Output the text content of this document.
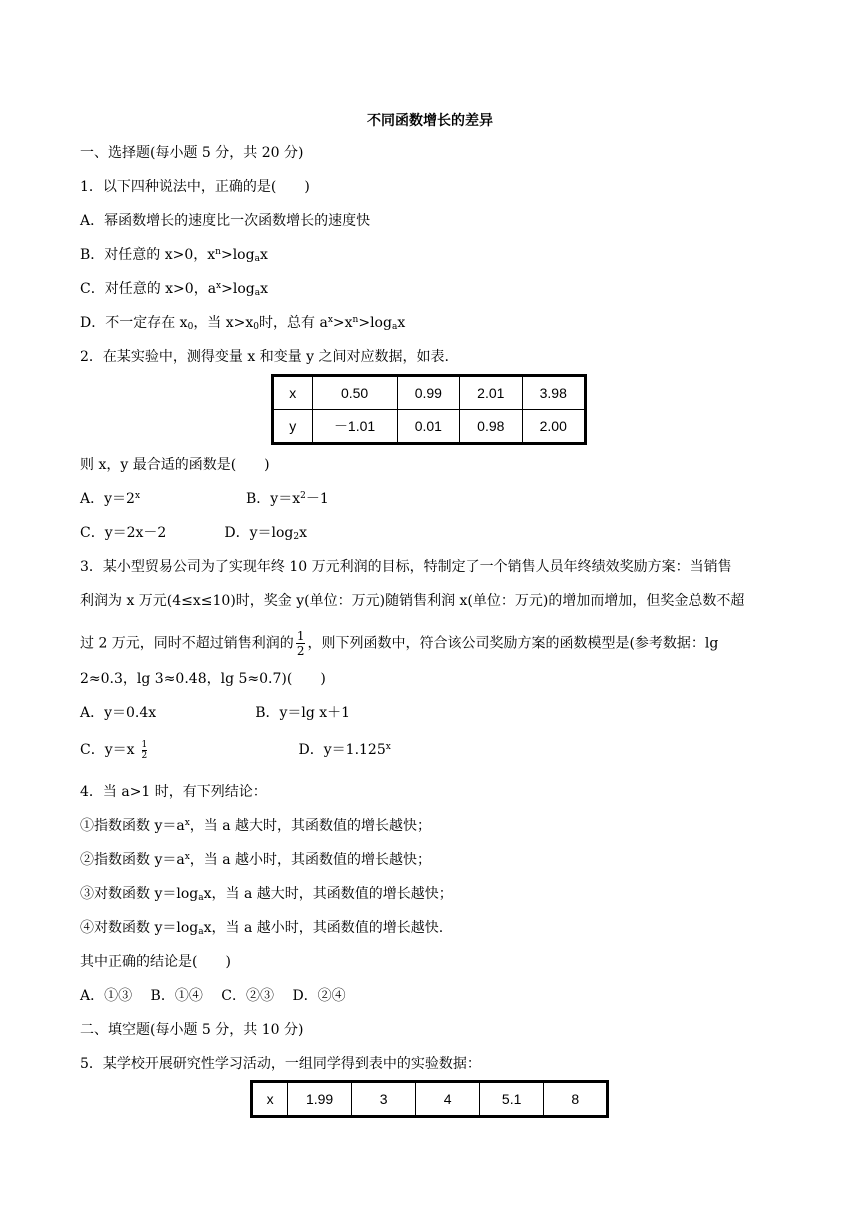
不同函数增长的差异
一、选择题(每小题 5 分，共 20 分)
1．以下四种说法中，正确的是(　　)
A．幂函数增长的速度比一次函数增长的速度快
B．对任意的 x>0，$x^n>\log_ax$
C．对任意的 x>0，$a^x>\log_ax$
D．不一定存在 $x_0$，当 $x>x_0$时，总有 $a^x>x^n>\log_ax$
2．在某实验中，测得变量 x 和变量 y 之间对应数据，如表.
x	0.50	0.99	2.01	3.98
y	－1.01	0.01	0.98	2.00
则 x，y 最合适的函数是(　　)
A．$y=2^x$	B．$y=x^2-1$
C．y＝2x－2	D．$y=\log_2x$
3．某小型贸易公司为了实现年终 10 万元利润的目标，特制定了一个销售人员年终绩效奖励方案：当销售
利润为 x 万元(4≤x≤10)时，奖金 y(单位：万元)随销售利润 x(单位：万元)的增加而增加，但奖金总数不超
过 2 万元，同时不超过销售利润的 $\frac{1}{2}$ ，则下列函数中，符合该公司奖励方案的函数模型是(参考数据：lg
2≈0.3，lg 3≈0.48，lg 5≈0.7)(　　)
A．y＝0.4x	B．y＝lg x＋1
C．y＝x 1
2	D．$y=1.125^x$
4．当 a>1 时，有下列结论：
①指数函数 $y=a^x$，当 a 越大时，其函数值的增长越快；
②指数函数 $y=a^x$，当 a 越小时，其函数值的增长越快；
③对数函数 $y=\log_ax$，当 a 越大时，其函数值的增长越快；
④对数函数 $y=\log_ax$，当 a 越小时，其函数值的增长越快.
其中正确的结论是(　　)
A．①③　 B．①④　 C．②③　 D．②④
二、填空题(每小题 5 分，共 10 分)
5．某学校开展研究性学习活动，一组同学得到表中的实验数据：
x	1.99	3	4	5.1	8
